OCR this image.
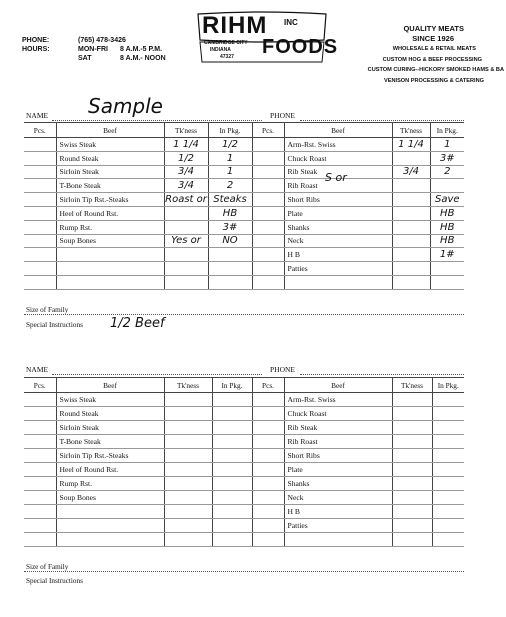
PHONE:	(765) 478-3426
HOURS:	MON-FRI 8 A.M.-5 P.M.
SAT	8 A.M.- NOON
RIHM INC
FOODS
CAMBRIDGE CITY
INDIANA
47327
QUALITY MEATS
SINCE 1926
WHOLESALE & RETAIL MEATS
CUSTOM HOG & BEEF PROCESSING
CUSTOM CURING--HICKORY SMOKED HAMS & BA
VENISON PROCESSING & CATERING
NAME Sample	PHONE
Pcs.	Beef	Tk'ness	In Pkg.	Pcs.	Beef	Tk'ness	In Pkg.
	Swiss Steak	1 1/4	1/2		Arm-Rst. Swiss	1 1/4	1
	Round Steak	1/2	1		Chuck Roast		3#
	Sirloin Steak	3/4	1		Rib Steak	3/4	2
	T-Bone Steak	3/4	2		Rib Roast		
	Sirloin Tip Rst.-Steaks	Roast or	Steaks		Short Ribs		Save
	Heel of Round Rst.		HB		Plate		HB
	Rump Rst.		3#		Shanks		HB
	Soup Bones	Yes or	NO		Neck		HB
					H B		1#
					Patties		

S or
Size of Family
Special Instructions 1/2 Beef
NAME	PHONE
Pcs.	Beef	Tk'ness	In Pkg.	Pcs.	Beef	Tk'ness	In Pkg.
	Swiss Steak				Arm-Rst. Swiss		
	Round Steak				Chuck Roast		
	Sirloin Steak				Rib Steak		
	T-Bone Steak				Rib Roast		
	Sirloin Tip Rst.-Steaks				Short Ribs		
	Heel of Round Rst.				Plate		
	Rump Rst.				Shanks		
	Soup Bones				Neck		
					H B		
					Patties		

Size of Family
Special Instructions
